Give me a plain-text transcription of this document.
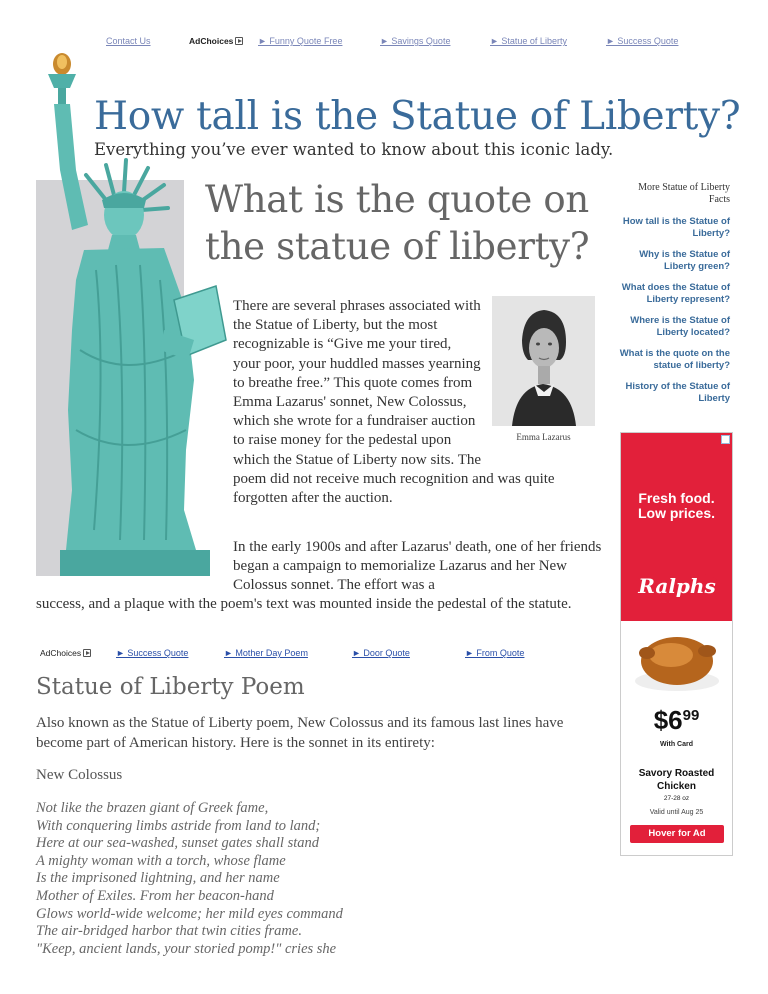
Contact Us	AdChoices	► Funny Quote Free	► Savings Quote	► Statue of Liberty	► Success Quote
How tall is the Statue of Liberty?
Everything you’ve ever wanted to know about this iconic lady.
What is the quote on the statue of liberty?
Emma Lazarus
There are several phrases associated with the Statue of Liberty, but the most recognizable is “Give me your tired, your poor, your huddled masses yearning to breathe free.” This quote comes from Emma Lazarus' sonnet, New Colossus, which she wrote for a fundraiser auction to raise money for the pedestal upon which the Statue of Liberty now sits. The poem did not receive much recognition and was quite forgotten after the auction.
In the early 1900s and after Lazarus' death, one of her friends began a campaign to memorialize Lazarus and her New Colossus sonnet. The effort was a
success, and a plaque with the poem's text was mounted inside the pedestal of the statute.
More Statue of Liberty Facts
How tall is the Statue of Liberty?
Why is the Statue of Liberty green?
What does the Statue of Liberty represent?
Where is the Statue of Liberty located?
What is the quote on the statue of liberty?
History of the Statue of Liberty
Fresh food. Low prices.
Ralphs
$\$6^{99}$
With Card
Savory Roasted Chicken
27-28 oz
Valid until Aug 25
Hover for Ad
AdChoices	► Success Quote	► Mother Day Poem	► Door Quote	► From Quote
Statue of Liberty Poem
Also known as the Statue of Liberty poem, New Colossus and its famous last lines have become part of American history. Here is the sonnet in its entirety:
New Colossus
Not like the brazen giant of Greek fame,
With conquering limbs astride from land to land;
Here at our sea-washed, sunset gates shall stand
A mighty woman with a torch, whose flame
Is the imprisoned lightning, and her name
Mother of Exiles. From her beacon-hand
Glows world-wide welcome; her mild eyes command
The air-bridged harbor that twin cities frame.
"Keep, ancient lands, your storied pomp!" cries she
